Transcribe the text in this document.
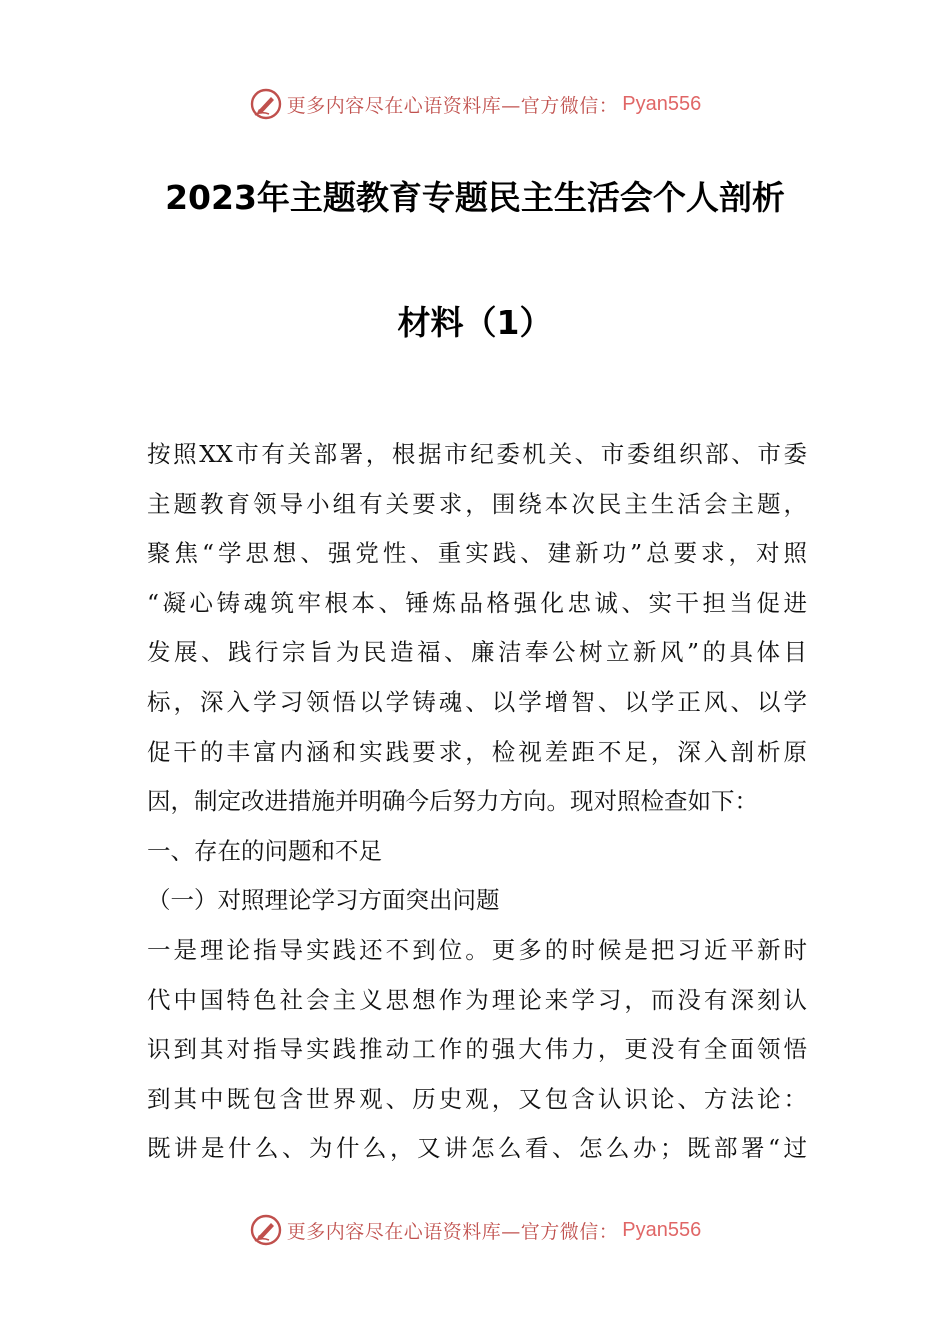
更多内容尽在心语资料库—官方微信： Pyan556
2023年主题教育专题民主生活会个人剖析
材料（1）
按照XX市有关部署，根据市纪委机关、市委组织部、市委
主题教育领导小组有关要求，围绕本次民主生活会主题，
聚焦“学思想、强党性、重实践、建新功”总要求，对照
“凝心铸魂筑牢根本、锤炼品格强化忠诚、实干担当促进
发展、践行宗旨为民造福、廉洁奉公树立新风”的具体目
标，深入学习领悟以学铸魂、以学增智、以学正风、以学
促干的丰富内涵和实践要求，检视差距不足，深入剖析原
因，制定改进措施并明确今后努力方向。现对照检查如下：
一、存在的问题和不足
（一）对照理论学习方面突出问题
一是理论指导实践还不到位。更多的时候是把习近平新时
代中国特色社会主义思想作为理论来学习，而没有深刻认
识到其对指导实践推动工作的强大伟力，更没有全面领悟
到其中既包含世界观、历史观，又包含认识论、方法论：
既讲是什么、为什么，又讲怎么看、怎么办；既部署“过
更多内容尽在心语资料库—官方微信： Pyan556
